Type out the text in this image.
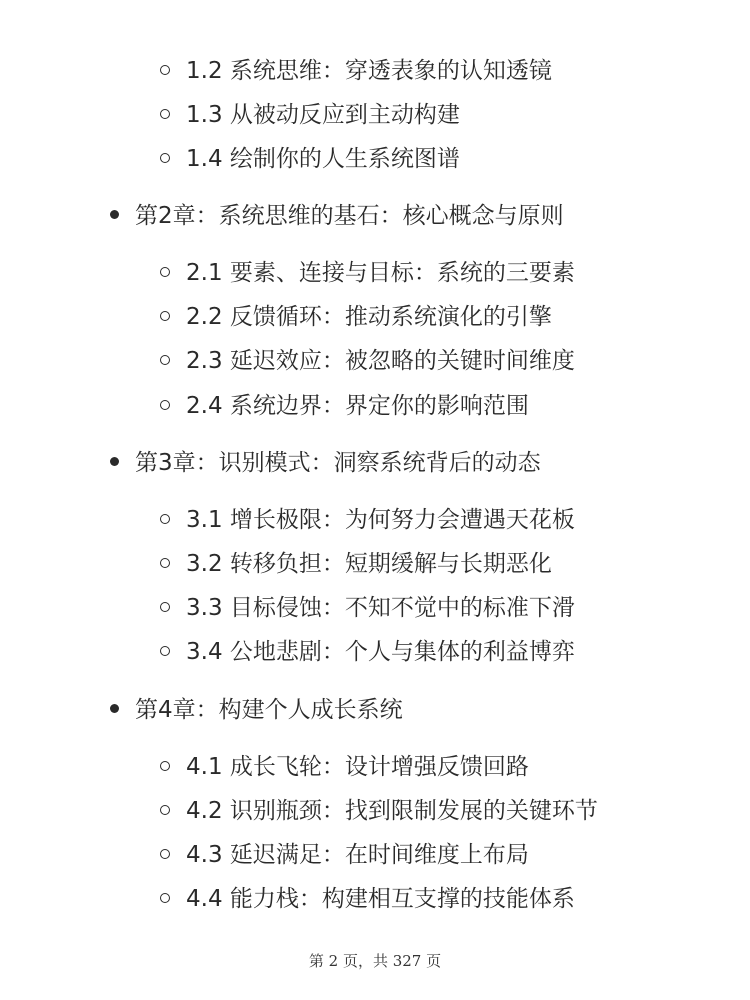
1.2 系统思维：穿透表象的认知透镜
1.3 从被动反应到主动构建
1.4 绘制你的人生系统图谱
第2章：系统思维的基石：核心概念与原则
2.1 要素、连接与目标：系统的三要素
2.2 反馈循环：推动系统演化的引擎
2.3 延迟效应：被忽略的关键时间维度
2.4 系统边界：界定你的影响范围
第3章：识别模式：洞察系统背后的动态
3.1 增长极限：为何努力会遭遇天花板
3.2 转移负担：短期缓解与长期恶化
3.3 目标侵蚀：不知不觉中的标准下滑
3.4 公地悲剧：个人与集体的利益博弈
第4章：构建个人成长系统
4.1 成长飞轮：设计增强反馈回路
4.2 识别瓶颈：找到限制发展的关键环节
4.3 延迟满足：在时间维度上布局
4.4 能力栈：构建相互支撑的技能体系
第 2 页，共 327 页
